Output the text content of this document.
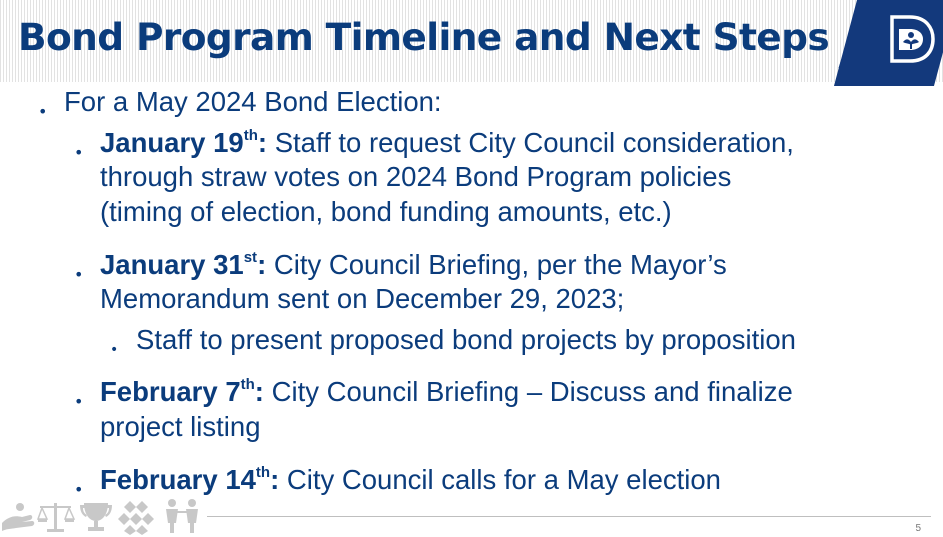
Bond Program Timeline and Next Steps
• For a May 2024 Bond Election:
• January 19th: Staff to request City Council consideration,
through straw votes on 2024 Bond Program policies
(timing of election, bond funding amounts, etc.)
• January 31st: City Council Briefing, per the Mayor’s
Memorandum sent on December 29, 2023;
• Staff to present proposed bond projects by proposition
• February 7th: City Council Briefing – Discuss and finalize
project listing
• February 14th: City Council calls for a May election
5
